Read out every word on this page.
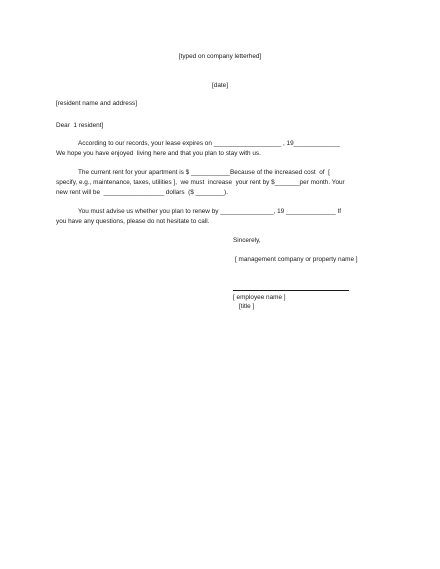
[typed on company letterhed]
[date]
[resident name and address]
Dear  1 resident]
According to our records, your lease expires on ___________________ , 19_____________
We hope you have enjoyed  living here and that you plan to stay with us.
The current rent for your apartment is $ ___________Because of the increased cost  of  [
specify, e.g., maintenance, taxes, utilities ],  we must  increase  your rent by $_______per month. Your
new rent will be  _________________ dollars  ($ ________).
You must advise us whether you plan to renew by _______________, 19 ______________ If
you have any questions, please do not hesitate to call.
Sincerely,
[ management company or property name ]
[ employee name ]
[title ]
